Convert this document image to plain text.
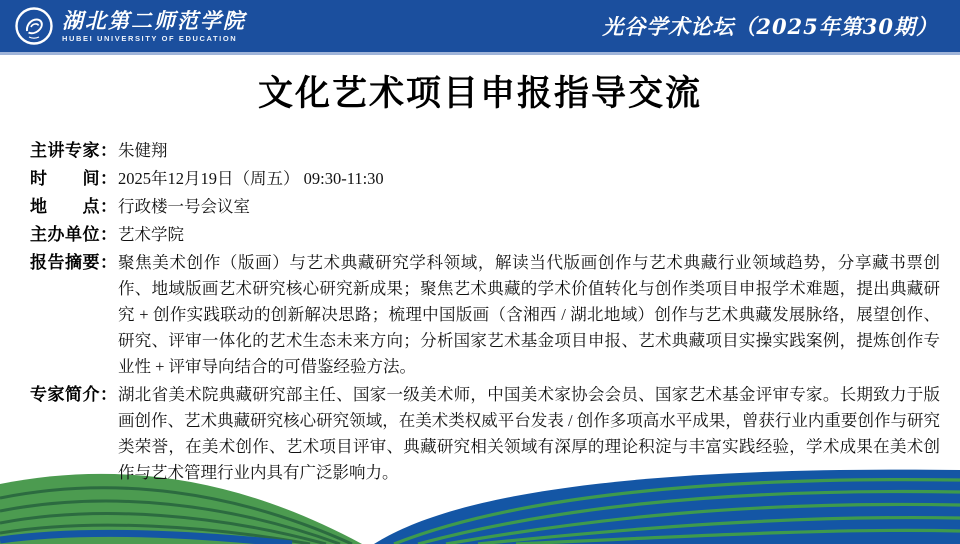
湖北第二师范学院
HUBEI UNIVERSITY OF EDUCATION	光谷学术论坛（2025年第30期）
文化艺术项目申报指导交流
主讲专家： 朱健翔
时　　间： 2025年12月19日（周五） 09:30-11:30
地　　点： 行政楼一号会议室
主办单位： 艺术学院
报告摘要： 聚焦美术创作（版画）与艺术典藏研究学科领域，解读当代版画创作与艺术典藏行业领域趋势，分享藏书票创作、地域版画艺术研究核心研究新成果；聚焦艺术典藏的学术价值转化与创作类项目申报学术难题，提出典藏研究 + 创作实践联动的创新解决思路；梳理中国版画（含湘西 / 湖北地域）创作与艺术典藏发展脉络，展望创作、研究、评审一体化的艺术生态未来方向；分析国家艺术基金项目申报、艺术典藏项目实操实践案例，提炼创作专业性 + 评审导向结合的可借鉴经验方法。
专家简介： 湖北省美术院典藏研究部主任、国家一级美术师，中国美术家协会会员、国家艺术基金评审专家。长期致力于版画创作、艺术典藏研究核心研究领域，在美术类权威平台发表 / 创作多项高水平成果，曾获行业内重要创作与研究类荣誉，在美术创作、艺术项目评审、典藏研究相关领域有深厚的理论积淀与丰富实践经验，学术成果在美术创作与艺术管理行业内具有广泛影响力。
